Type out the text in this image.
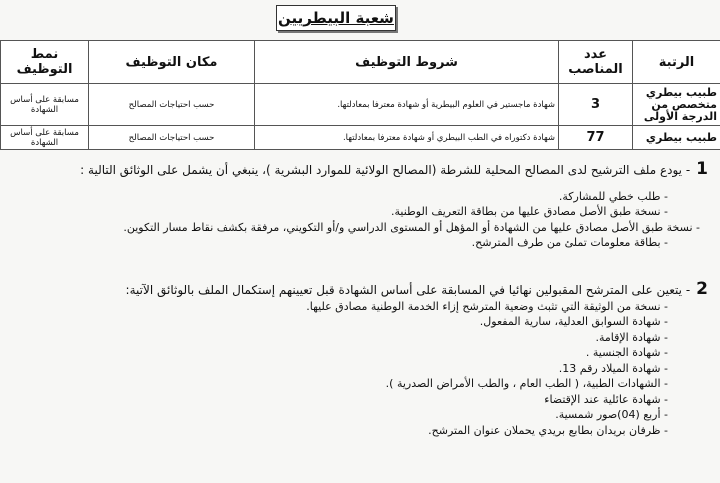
شعبة البيطريين
الرتبة	عدد المناصب	شروط التوظيف	مكان التوظيف	نمط التوظيف
طبيب بيطري متخصص من الدرجة الأولى	3	شهادة ماجستير في العلوم البيطرية أو شهادة معترفا بمعادلتها.	حسب احتياجات المصالح	مسابقة على أساس الشهادة
طبيب بيطري	77	شهادة دكتوراه في الطب البيطري أو شهادة معترفا بمعادلتها.	حسب احتياجات المصالح	مسابقة على أساس الشهادة
1- يودع ملف الترشيح لدى المصالح المحلية للشرطة (المصالح الولائية للموارد البشرية )، ينبغي أن يشمل على الوثائق التالية :
- طلب خطي للمشاركة.
- نسخة طبق الأصل مصادق عليها من بطاقة التعريف الوطنية.
- نسخة طبق الأصل مصادق عليها من الشهادة أو المؤهل أو المستوى الدراسي و/أو التكويني، مرفقة بكشف نقاط مسار التكوين.
- بطاقة معلومات تملئ من طرف المترشح.
2- يتعين على المترشح المقبولين نهائيا في المسابقة على أساس الشهادة قبل تعيينهم إستكمال الملف بالوثائق الآتية:
- نسخة من الوثيقة التي تثبث وضعية المترشح إزاء الخدمة الوطنية مصادق عليها.
- شهادة السوابق العدلية، سارية المفعول.
- شهادة الإقامة.
- شهادة الجنسية .
- شهادة الميلاد رقم 13.
- الشهادات الطبية، ( الطب العام ، والطب الأمراض الصدرية ).
- شهادة عائلية عند الإقتضاء
- أربع (04)صور شمسية.
- ظرفان بريدان بطابع بريدي يحملان عنوان المترشح.
